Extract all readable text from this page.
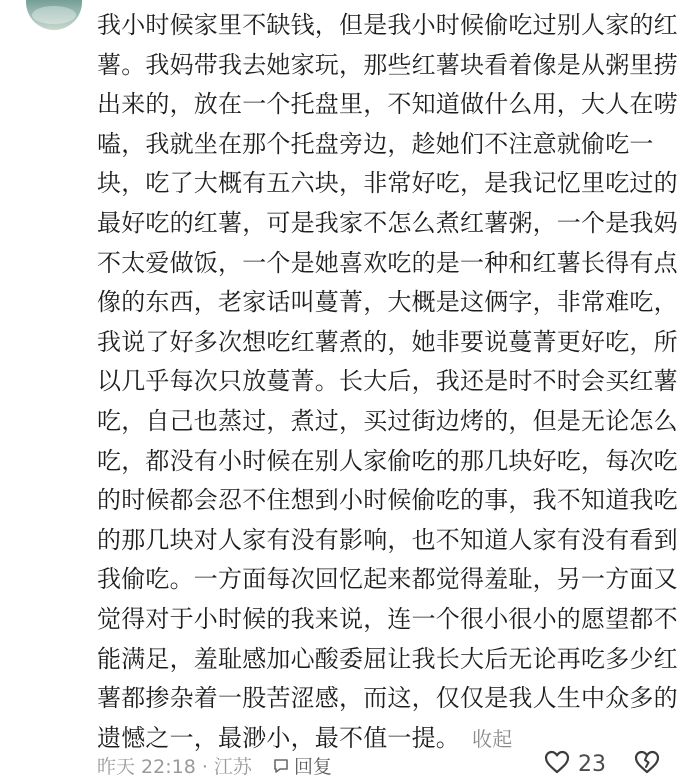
我小时候家里不缺钱，但是我小时候偷吃过别人家的红
薯。我妈带我去她家玩，那些红薯块看着像是从粥里捞
出来的，放在一个托盘里，不知道做什么用，大人在唠
嗑，我就坐在那个托盘旁边，趁她们不注意就偷吃一
块，吃了大概有五六块，非常好吃，是我记忆里吃过的
最好吃的红薯，可是我家不怎么煮红薯粥，一个是我妈
不太爱做饭，一个是她喜欢吃的是一种和红薯长得有点
像的东西，老家话叫蔓菁，大概是这俩字，非常难吃，
我说了好多次想吃红薯煮的，她非要说蔓菁更好吃，所
以几乎每次只放蔓菁。长大后，我还是时不时会买红薯
吃，自己也蒸过，煮过，买过街边烤的，但是无论怎么
吃，都没有小时候在别人家偷吃的那几块好吃，每次吃
的时候都会忍不住想到小时候偷吃的事，我不知道我吃
的那几块对人家有没有影响，也不知道人家有没有看到
我偷吃。一方面每次回忆起来都觉得羞耻，另一方面又
觉得对于小时候的我来说，连一个很小很小的愿望都不
能满足，羞耻感加心酸委屈让我长大后无论再吃多少红
薯都掺杂着一股苦涩感，而这，仅仅是我人生中众多的
遗憾之一，最渺小，最不值一提。 收起
昨天 22:18 · 江苏 回复	23
